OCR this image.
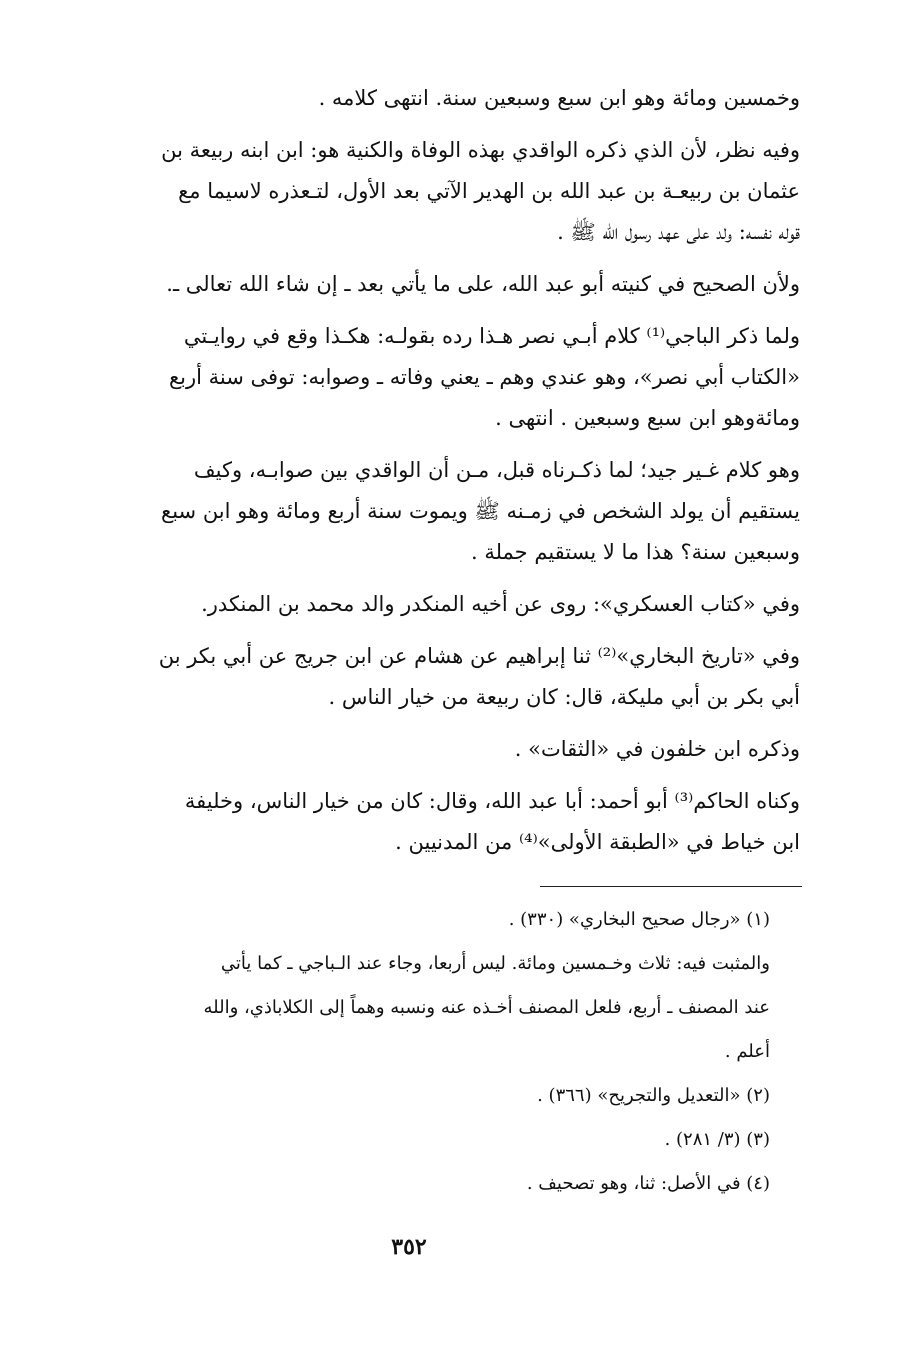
وخمسين ومائة وهو ابن سبع وسبعين سنة. انتهى كلامه .
وفيه نظر، لأن الذي ذكره الواقدي بهذه الوفاة والكنية هو: ابن ابنه ربيعة بن
عثمان بن ربيعـة بن عبد الله بن الهدير الآتي بعد الأول، لتـعذره لاسيما مع
قوله نفسه: ولد على عهد رسول الله ﷺ .
ولأن الصحيح في كنيته أبو عبد الله، على ما يأتي بعد ـ إن شاء الله تعالى ـ.
ولما ذكر الباجي⁽¹⁾ كلام أبـي نصر هـذا رده بقولـه: هكـذا وقع في روايـتي
«الكتاب أبي نصر»، وهو عندي وهم ـ يعني وفاته ـ وصوابه: توفى سنة أربع
ومائةوهو ابن سبع وسبعين . انتهى .
وهو كلام غـير جيد؛ لما ذكـرناه قبل، مـن أن الواقدي بين صوابـه، وكيف
يستقيم أن يولد الشخص في زمـنه ﷺ ويموت سنة أربع ومائة وهو ابن سبع
وسبعين سنة؟ هذا ما لا يستقيم جملة .
وفي «كتاب العسكري»: روى عن أخيه المنكدر والد محمد بن المنكدر.
وفي «تاريخ البخاري»⁽²⁾ ثنا إبراهيم عن هشام عن ابن جريج عن أبي بكر بن
أبي بكر بن أبي مليكة، قال: كان ربيعة من خيار الناس .
وذكره ابن خلفون في «الثقات» .
وكناه الحاكم⁽³⁾ أبو أحمد: أبا عبد الله، وقال: كان من خيار الناس، وخليفة
ابن خياط في «الطبقة الأولى»⁽⁴⁾ من المدنيين .

(١) «رجال صحيح البخاري» (٣٣٠) .

والمثبت فيه: ثلاث وخـمسين ومائة. ليس أربعا، وجاء عند الـباجي ـ كما يأتي

عند المصنف ـ أربع، فلعل المصنف أخـذه عنه ونسبه وهماً إلى الكلاباذي، والله

أعلم .

(٢) «التعديل والتجريح» (٣٦٦) .

(٣) (٣/ ٢٨١) .

(٤) في الأصل: ثنا، وهو تصحيف .

٣٥٢
